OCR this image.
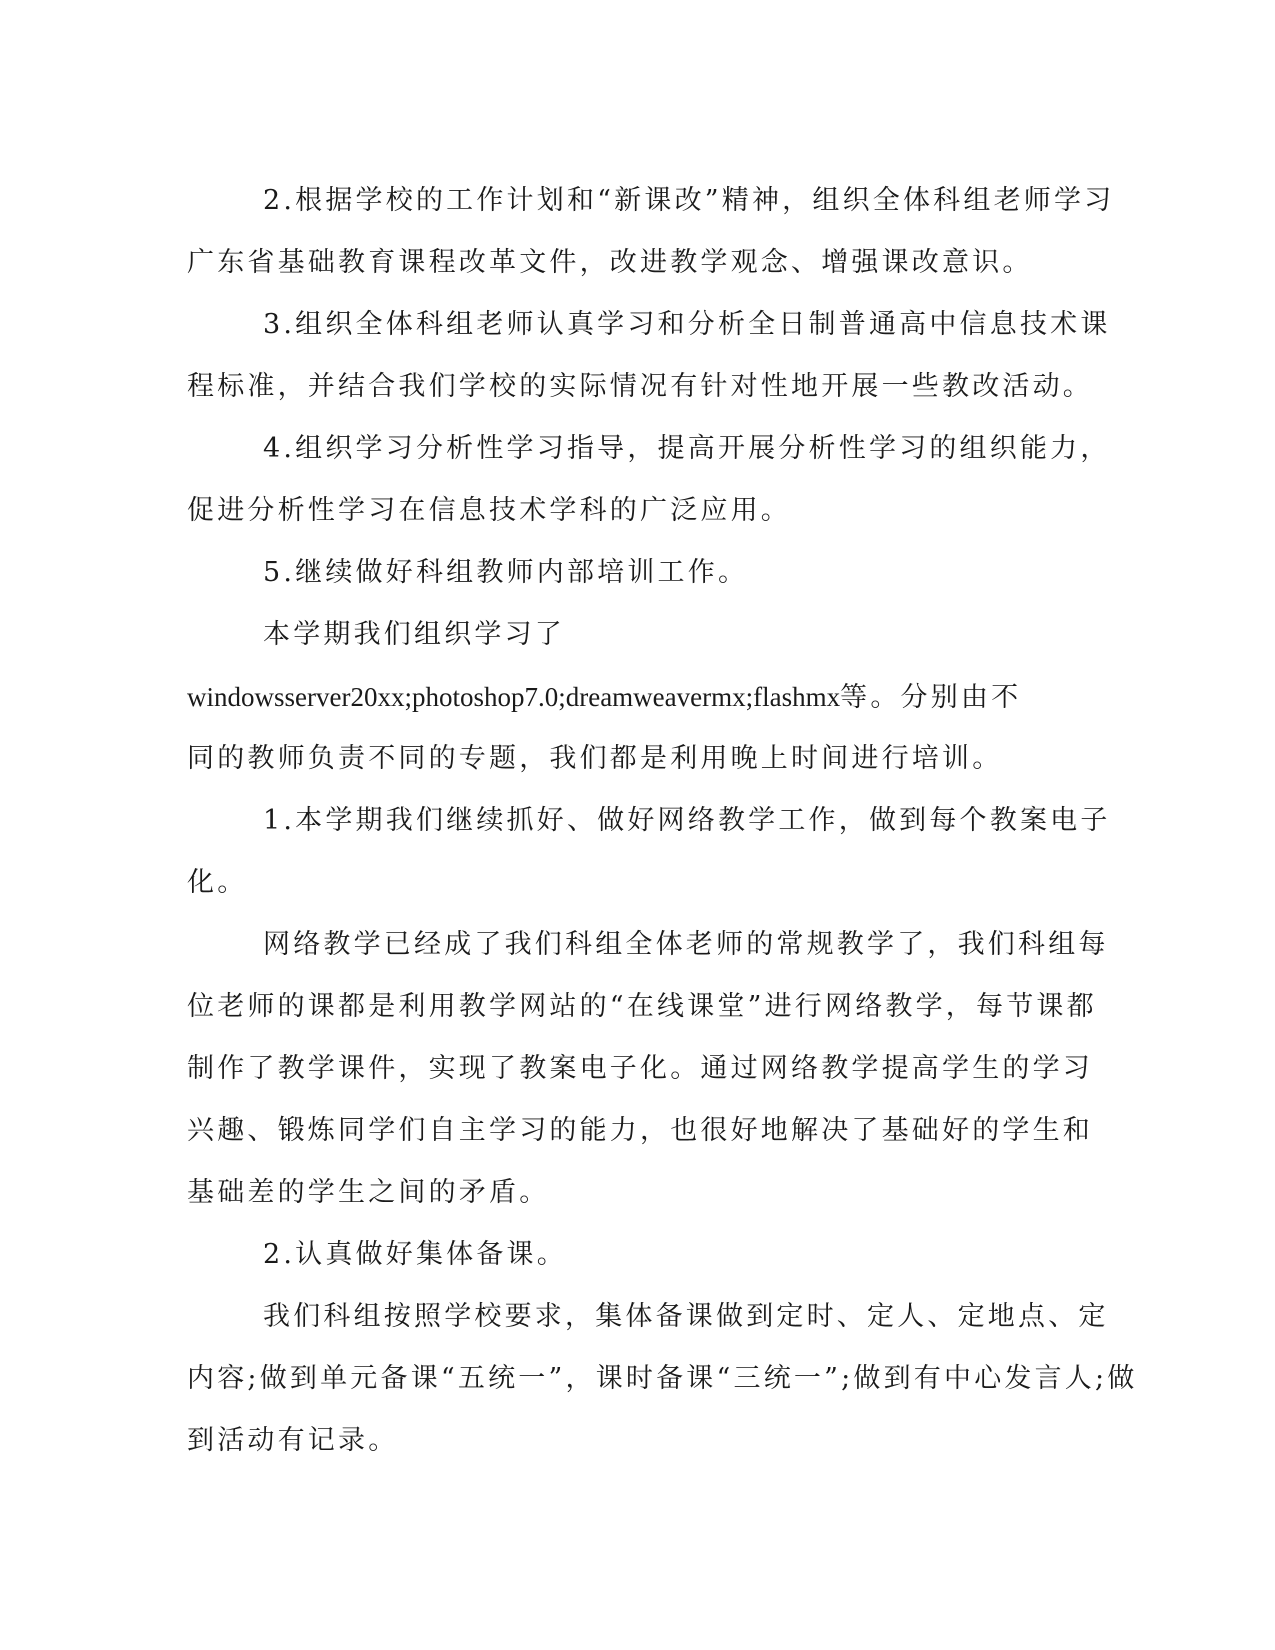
2.根据学校的工作计划和“新课改”精神，组织全体科组老师学习
广东省基础教育课程改革文件，改进教学观念、增强课改意识。
3.组织全体科组老师认真学习和分析全日制普通高中信息技术课
程标准，并结合我们学校的实际情况有针对性地开展一些教改活动。
4.组织学习分析性学习指导，提高开展分析性学习的组织能力，
促进分析性学习在信息技术学科的广泛应用。
5.继续做好科组教师内部培训工作。
本学期我们组织学习了
windowsserver20xx;photoshop7.0;dreamweavermx;flashmx等。分别由不
同的教师负责不同的专题，我们都是利用晚上时间进行培训。
1.本学期我们继续抓好、做好网络教学工作，做到每个教案电子
化。
网络教学已经成了我们科组全体老师的常规教学了，我们科组每
位老师的课都是利用教学网站的“在线课堂”进行网络教学，每节课都
制作了教学课件，实现了教案电子化。通过网络教学提高学生的学习
兴趣、锻炼同学们自主学习的能力，也很好地解决了基础好的学生和
基础差的学生之间的矛盾。
2.认真做好集体备课。
我们科组按照学校要求，集体备课做到定时、定人、定地点、定
内容;做到单元备课“五统一”，课时备课“三统一”;做到有中心发言人;做
到活动有记录。
